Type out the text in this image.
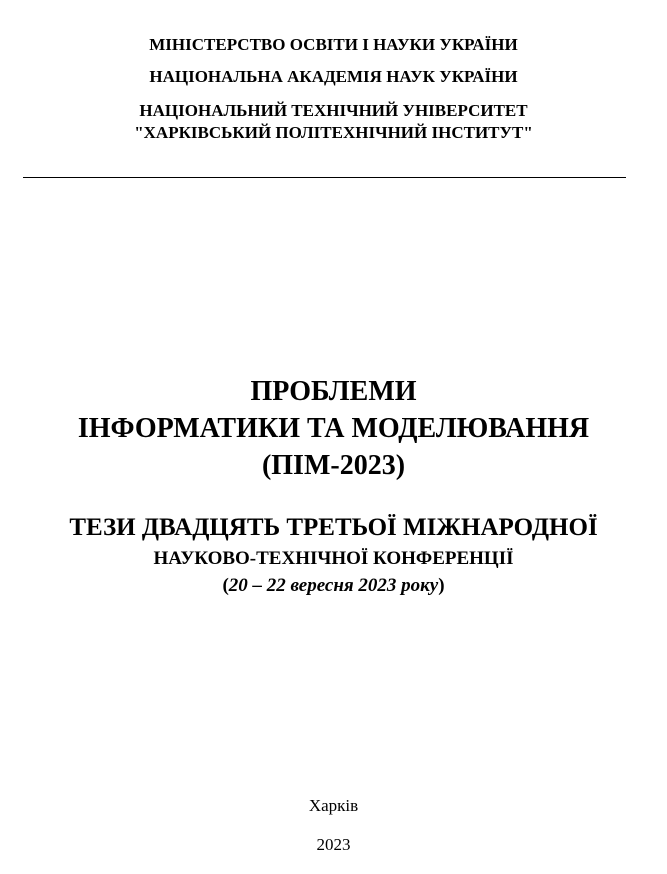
МІНІСТЕРСТВО ОСВІТИ І НАУКИ УКРАЇНИ
НАЦІОНАЛЬНА АКАДЕМІЯ НАУК УКРАЇНИ
НАЦІОНАЛЬНИЙ ТЕХНІЧНИЙ УНІВЕРСИТЕТ
"ХАРКІВСЬКИЙ ПОЛІТЕХНІЧНИЙ ІНСТИТУТ"
ПРОБЛЕМИ
ІНФОРМАТИКИ ТА МОДЕЛЮВАННЯ
(ПІМ-2023)
ТЕЗИ ДВАДЦЯТЬ ТРЕТЬОЇ МІЖНАРОДНОЇ
НАУКОВО-ТЕХНІЧНОЇ КОНФЕРЕНЦІЇ
(20 – 22 вересня 2023 року)
Харків
2023
